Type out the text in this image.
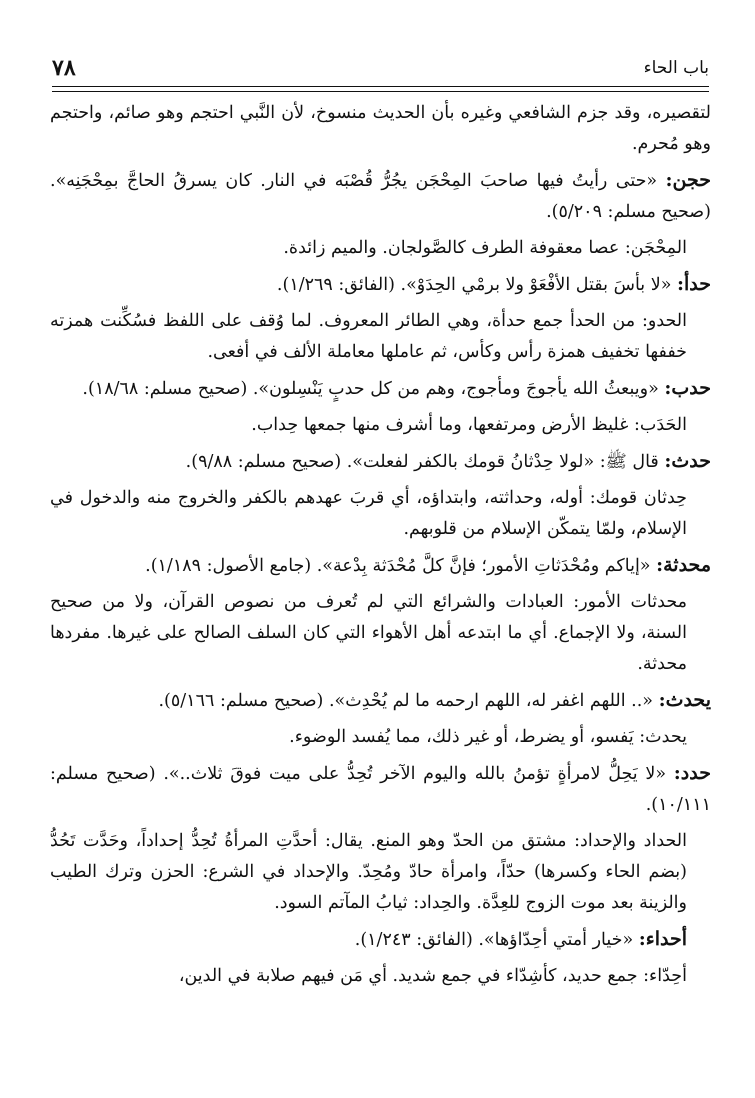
باب الحاء
٧٨

لتقصيره، وقد جزم الشافعي وغيره بأن الحديث منسوخ، لأن النَّبي احتجم وهو صائم، واحتجم وهو مُحرم.

حجن: «حتى رأيتُ فيها صاحبَ المِحْجَن يجُرُّ قُصْبَه في النار. كان يسرقُ الحاجَّ بمِحْجَنِه». (صحيح مسلم: ٥/٢٠٩).

المِحْجَن: عصا معقوفة الطرف كالصَّولجان. والميم زائدة.

حدأ: «لا بأسَ بقتل الأفْعَوْ ولا برمْي الحِدَوْ». (الفائق: ١/٢٦٩).

الحدو: من الحدأ جمع حدأة، وهي الطائر المعروف. لما وُقف على اللفظ فسُكِّنت همزته خففها تخفيف همزة رأس وكأس، ثم عاملها معاملة الألف في أفعى.

حدب: «ويبعثُ الله يأجوجَ ومأجوج، وهم من كل حدبٍ يَنْسِلون». (صحيح مسلم: ١٨/٦٨).

الحَدَب: غليظ الأرض ومرتفعها، وما أشرف منها جمعها حِداب.

حدث: قال ﷺ: «لولا حِدْثانُ قومك بالكفر لفعلت». (صحيح مسلم: ٩/٨٨).

حِدثان قومك: أوله، وحداثته، وابتداؤه، أي قربَ عهدهم بالكفر والخروج منه والدخول في الإسلام، ولمّا يتمكّن الإسلام من قلوبهم.

محدثة: «إياكم ومُحْدَثاتِ الأمور؛ فإنَّ كلَّ مُحْدَثة بِدْعة». (جامع الأصول: ١/١٨٩).

محدثات الأمور: العبادات والشرائع التي لم تُعرف من نصوص القرآن، ولا من صحيح السنة، ولا الإجماع. أي ما ابتدعه أهل الأهواء التي كان السلف الصالح على غيرها. مفردها محدثة.

يحدث: «.. اللهم اغفر له، اللهم ارحمه ما لم يُحْدِث». (صحيح مسلم: ٥/١٦٦).

يحدث: يَفسو، أو يضرط، أو غير ذلك، مما يُفسد الوضوء.

حدد: «لا يَحِلُّ لامرأةٍ تؤمنُ بالله واليوم الآخر تُحِدُّ على ميت فوقَ ثلاث..». (صحيح مسلم: ١٠/١١١).

الحداد والإحداد: مشتق من الحدّ وهو المنع. يقال: أحدَّتِ المرأةُ تُحِدُّ إحداداً، وحَدَّت تَحُدُّ (بضم الحاء وكسرها) حدّاً، وامرأة حادّ ومُحِدّ. والإحداد في الشرع: الحزن وترك الطيب والزينة بعد موت الزوج للعِدَّة. والحِداد: ثيابُ المآتم السود.

أحداء: «خيار أمتي أحِدّاؤها». (الفائق: ١/٢٤٣).

أحِدّاء: جمع حديد، كأشِدّاء في جمع شديد. أي مَن فيهم صلابة في الدين،
